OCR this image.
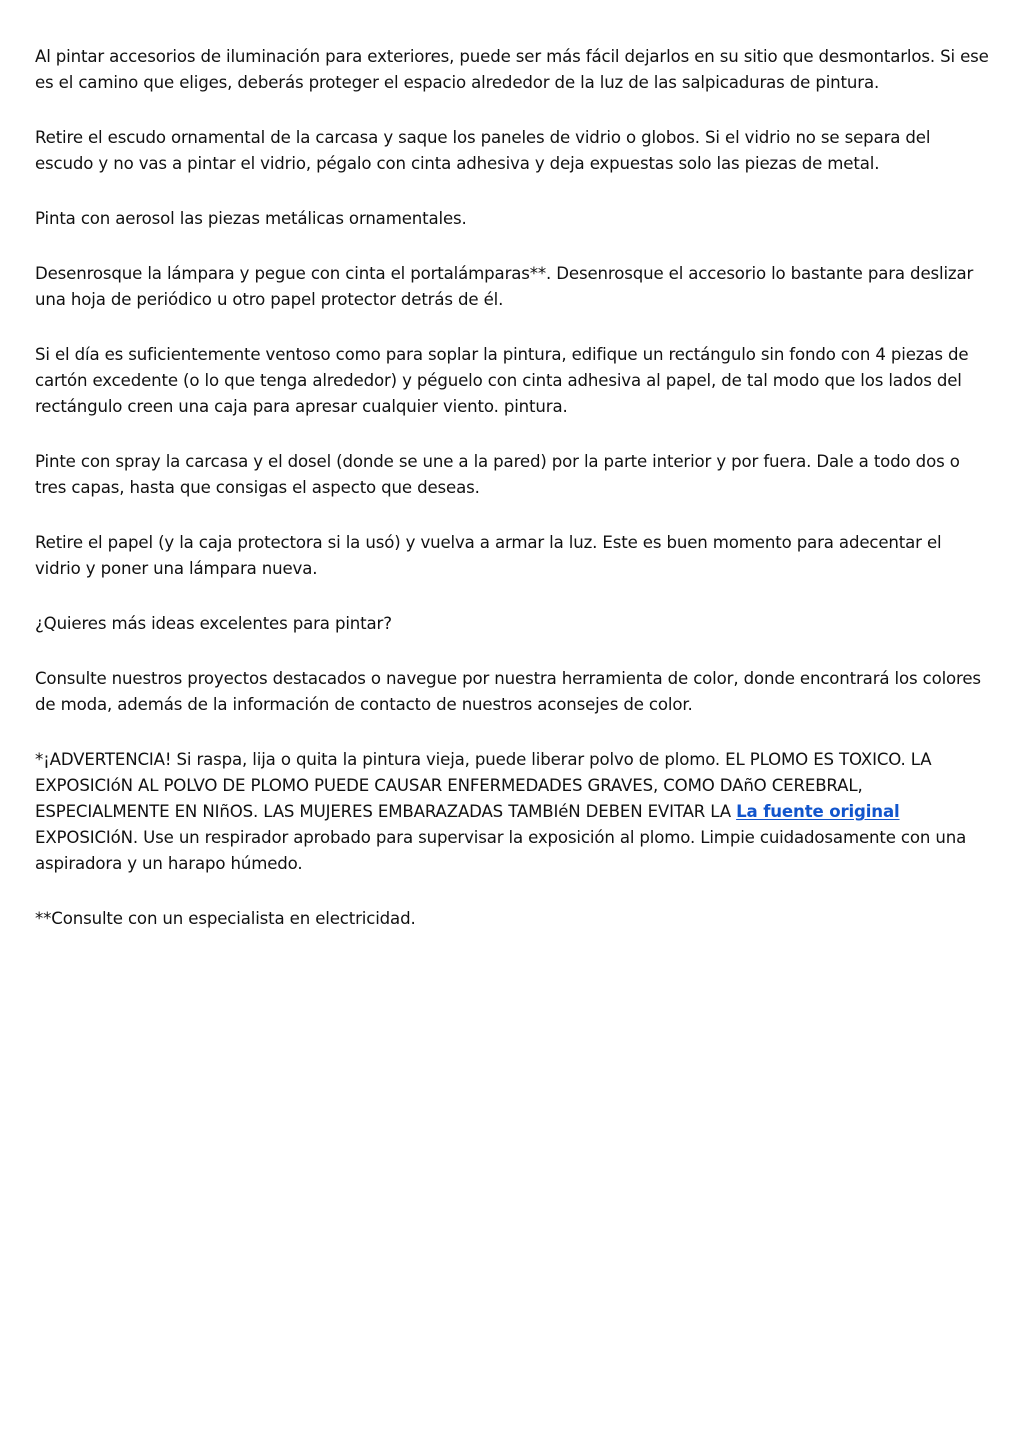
Al pintar accesorios de iluminación para exteriores, puede ser más fácil dejarlos en su sitio que desmontarlos. Si ese es el camino que eliges, deberás proteger el espacio alrededor de la luz de las salpicaduras de pintura.

Retire el escudo ornamental de la carcasa y saque los paneles de vidrio o globos. Si el vidrio no se separa del escudo y no vas a pintar el vidrio, pégalo con cinta adhesiva y deja expuestas solo las piezas de metal.

Pinta con aerosol las piezas metálicas ornamentales.

Desenrosque la lámpara y pegue con cinta el portalámparas**. Desenrosque el accesorio lo bastante para deslizar una hoja de periódico u otro papel protector detrás de él.

Si el día es suficientemente ventoso como para soplar la pintura, edifique un rectángulo sin fondo con 4 piezas de cartón excedente (o lo que tenga alrededor) y péguelo con cinta adhesiva al papel, de tal modo que los lados del rectángulo creen una caja para apresar cualquier viento. pintura.

Pinte con spray la carcasa y el dosel (donde se une a la pared) por la parte interior y por fuera. Dale a todo dos o tres capas, hasta que consigas el aspecto que deseas.

Retire el papel (y la caja protectora si la usó) y vuelva a armar la luz. Este es buen momento para adecentar el vidrio y poner una lámpara nueva.

¿Quieres más ideas excelentes para pintar?

Consulte nuestros proyectos destacados o navegue por nuestra herramienta de color, donde encontrará los colores de moda, además de la información de contacto de nuestros aconsejes de color.

*¡ADVERTENCIA! Si raspa, lija o quita la pintura vieja, puede liberar polvo de plomo. EL PLOMO ES TOXICO. LA EXPOSICIóN AL POLVO DE PLOMO PUEDE CAUSAR ENFERMEDADES GRAVES, COMO DAñO CEREBRAL, ESPECIALMENTE EN NIñOS. LAS MUJERES EMBARAZADAS TAMBIéN DEBEN EVITAR LA La fuente original EXPOSICIóN. Use un respirador aprobado para supervisar la exposición al plomo. Limpie cuidadosamente con una aspiradora y un harapo húmedo.

**Consulte con un especialista en electricidad.
